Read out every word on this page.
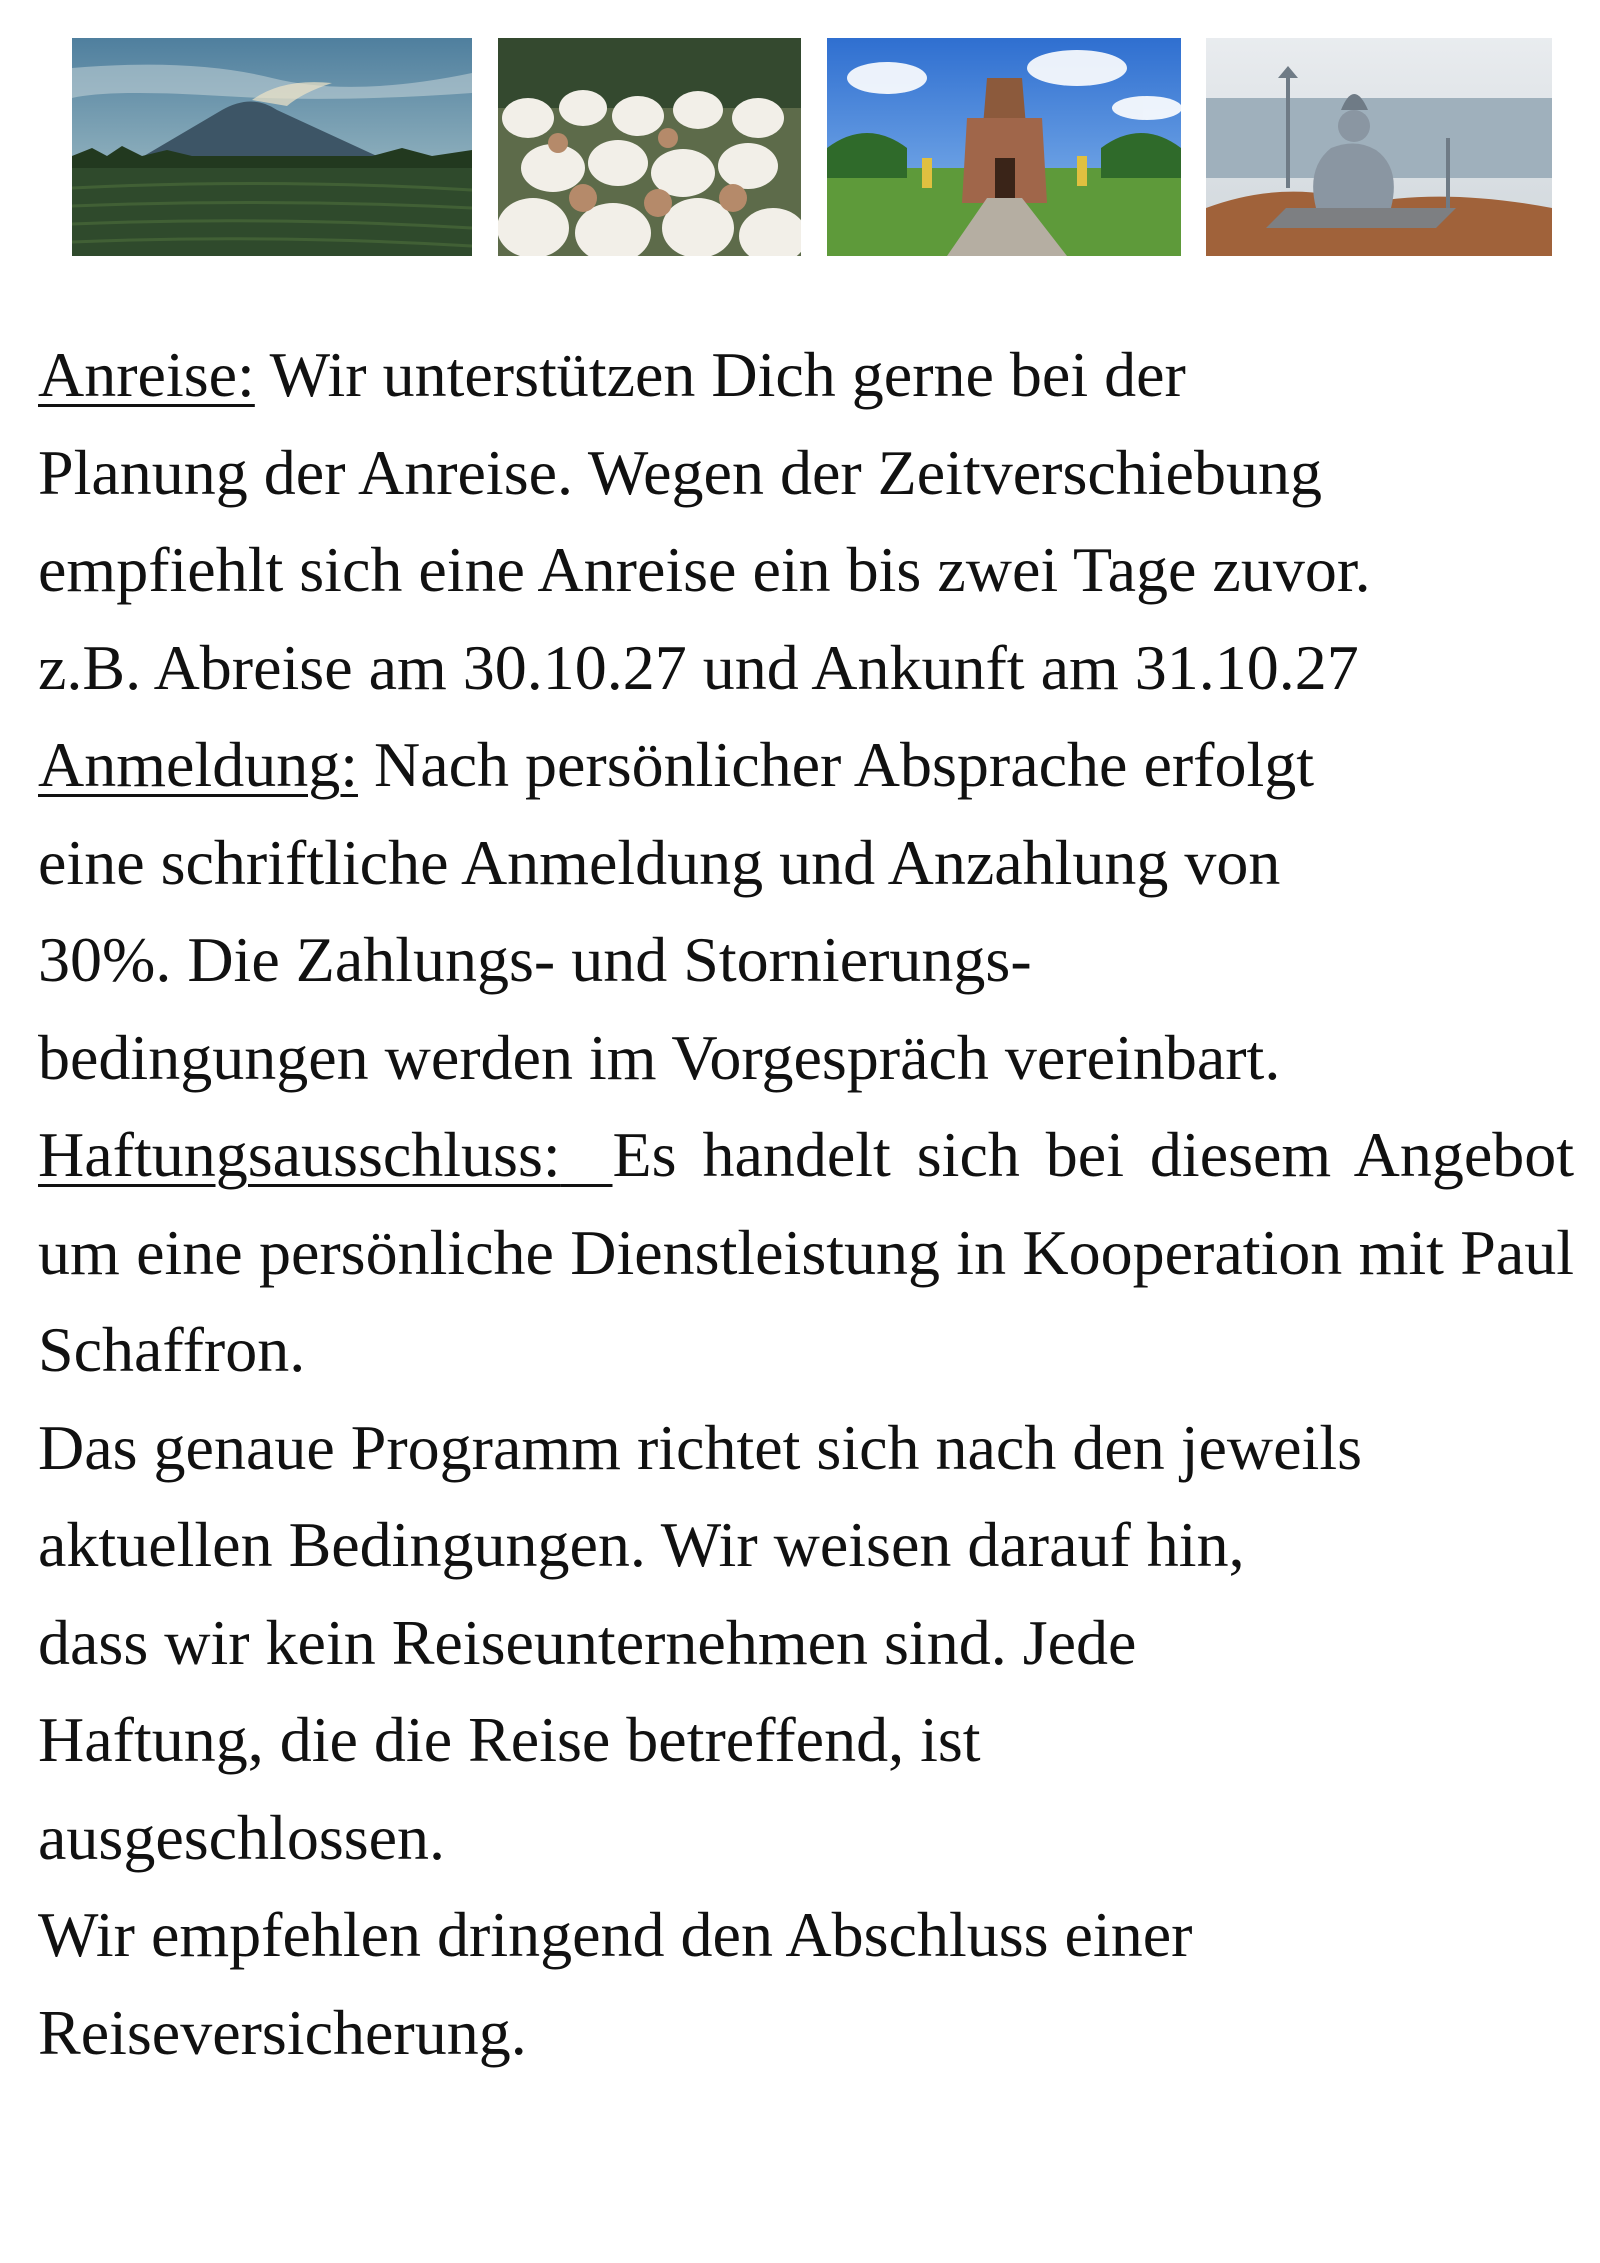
Anreise: Wir unterstützen Dich gerne bei der

Planung der Anreise. Wegen der Zeitverschiebung

empfiehlt sich eine Anreise ein bis zwei Tage zuvor.

z.B. Abreise am 30.10.27 und Ankunft am 31.10.27

Anmeldung: Nach persönlicher Absprache erfolgt

eine schriftliche Anmeldung und Anzahlung von

30%. Die Zahlungs- und Stornierungs-

bedingungen werden im Vorgespräch vereinbart.

Haftungsausschluss: Es handelt sich bei diesem Angebot um eine persönliche Dienstleistung in Kooperation mit Paul Schaffron.

Das genaue Programm richtet sich nach den jeweils

aktuellen Bedingungen. Wir weisen darauf hin,

dass wir kein Reiseunternehmen sind. Jede

Haftung, die die Reise betreffend, ist

ausgeschlossen.

Wir empfehlen dringend den Abschluss einer

Reiseversicherung.
